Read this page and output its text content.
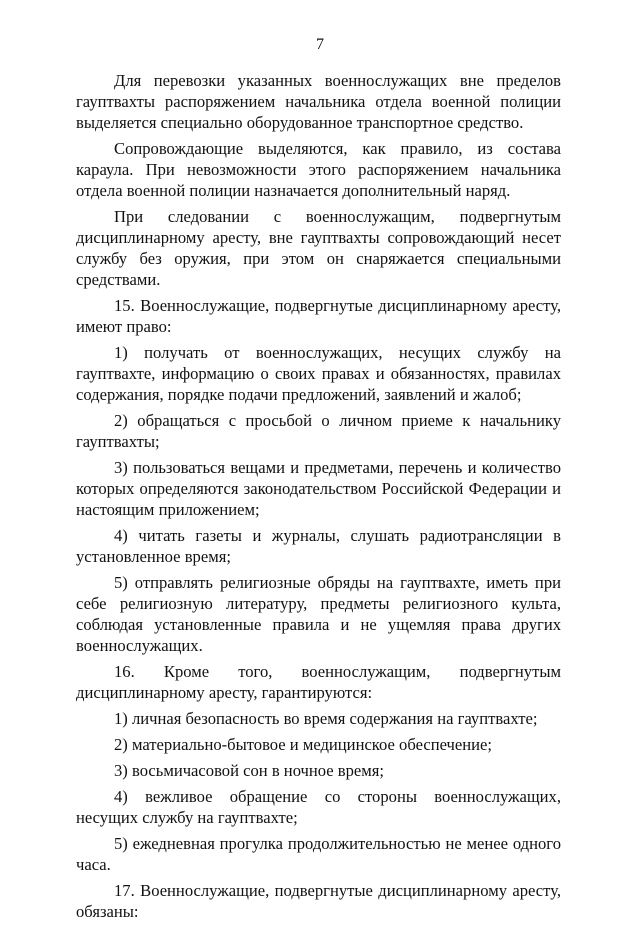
7

Для перевозки указанных военнослужащих вне пределов гауптвахты распоряжением начальника отдела военной полиции выделяется специально оборудованное транспортное средство.

Сопровождающие выделяются, как правило, из состава караула. При невозможности этого распоряжением начальника отдела военной полиции назначается дополнительный наряд.

При следовании с военнослужащим, подвергнутым дисциплинарному аресту, вне гауптвахты сопровождающий несет службу без оружия, при этом он снаряжается специальными средствами.

15. Военнослужащие, подвергнутые дисциплинарному аресту, имеют право:

1) получать от военнослужащих, несущих службу на гауптвахте, информацию о своих правах и обязанностях, правилах содержания, порядке подачи предложений, заявлений и жалоб;

2) обращаться с просьбой о личном приеме к начальнику гауптвахты;

3) пользоваться вещами и предметами, перечень и количество которых определяются законодательством Российской Федерации и настоящим приложением;

4) читать газеты и журналы, слушать радиотрансляции в установленное время;

5) отправлять религиозные обряды на гауптвахте, иметь при себе религиозную литературу, предметы религиозного культа, соблюдая установленные правила и не ущемляя права других военнослужащих.

16. Кроме того, военнослужащим, подвергнутым дисциплинарному аресту, гарантируются:

1) личная безопасность во время содержания на гауптвахте;

2) материально-бытовое и медицинское обеспечение;

3) восьмичасовой сон в ночное время;

4) вежливое обращение со стороны военнослужащих, несущих службу на гауптвахте;

5) ежедневная прогулка продолжительностью не менее одного часа.

17. Военнослужащие, подвергнутые дисциплинарному аресту, обязаны:
